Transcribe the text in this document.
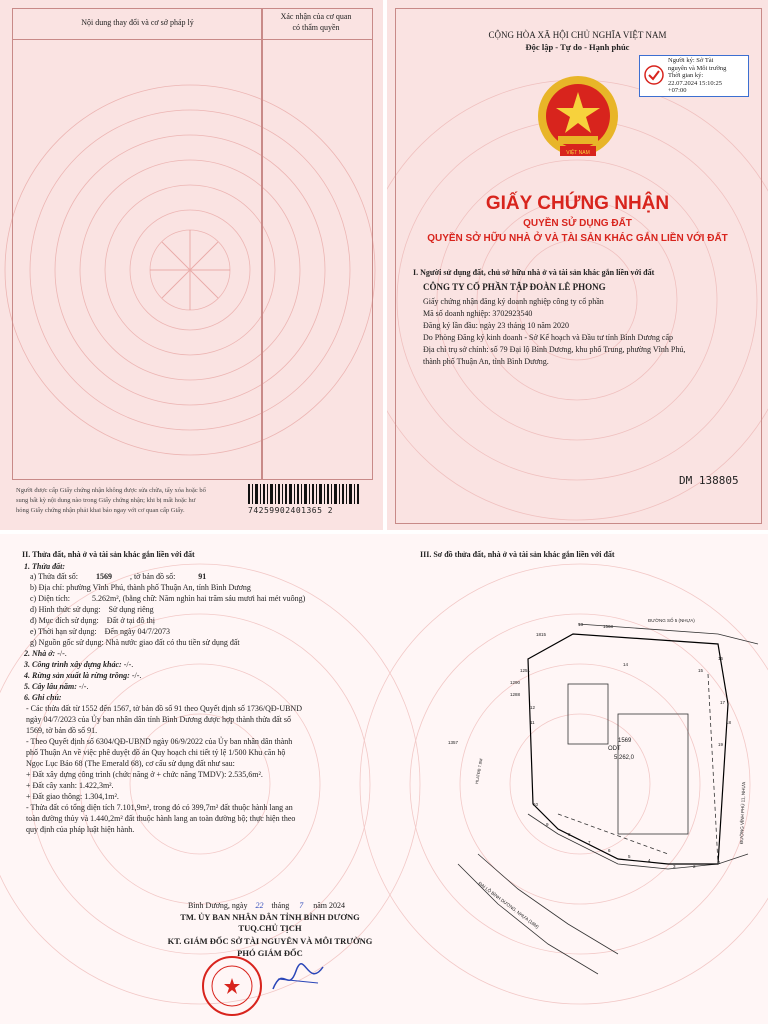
Nội dung thay đổi và cơ sở pháp lý
Xác nhận của cơ quan
có thẩm quyền
Người được cấp Giấy chứng nhận không được sửa chữa, tẩy xóa hoặc bổ
sung bất kỳ nội dung nào trong Giấy chứng nhận; khi bị mất hoặc hư
hỏng Giấy chứng nhận phải khai báo ngay với cơ quan cấp Giấy.	74259902401365 2
CỘNG HÒA XÃ HỘI CHỦ NGHĨA VIỆT NAM
Độc lập - Tự do - Hạnh phúc
Người ký: Sở Tài
nguyên và Môi trường
Thời gian ký:
22.07.2024 15:10:25
+07:00
VIỆT NAM
GIẤY CHỨNG NHẬN
QUYỀN SỬ DỤNG ĐẤT
QUYỀN SỞ HỮU NHÀ Ở VÀ TÀI SẢN KHÁC GẮN LIỀN VỚI ĐẤT
I. Người sử dụng đất, chủ sở hữu nhà ở và tài sản khác gắn liền với đất
CÔNG TY CỔ PHẦN TẬP ĐOÀN LÊ PHONG
Giấy chứng nhận đăng ký doanh nghiệp công ty cổ phần
Mã số doanh nghiệp: 3702923540
Đăng ký lần đầu: ngày 23 tháng 10 năm 2020
Do Phòng Đăng ký kinh doanh - Sở Kế hoạch và Đầu tư tỉnh Bình Dương cấp
Địa chỉ trụ sở chính: số 79 Đại lộ Bình Dương, khu phố Trung, phường Vĩnh Phú,
thành phố Thuận An, tỉnh Bình Dương.
DM 138805
II. Thửa đất, nhà ở và tài sản khác gắn liền với đất	III. Sơ đồ thửa đất, nhà ở và tài sản khác gắn liền với đất
1. Thửa đất:
a) Thửa đất số: 1569 , tờ bản đồ số:	91
b) Địa chỉ: phường Vĩnh Phú, thành phố Thuận An, tỉnh Bình Dương
c) Diện tích:	5.262m², (bằng chữ: Năm nghìn hai trăm sáu mươi hai mét vuông)
d) Hình thức sử dụng: Sử dụng riêng
đ) Mục đích sử dụng: Đất ở tại đô thị
e) Thời hạn sử dụng: Đến ngày 04/7/2073
g) Nguồn gốc sử dụng: Nhà nước giao đất có thu tiền sử dụng đất
2. Nhà ở: -/-.
3. Công trình xây dựng khác: -/-.
4. Rừng sản xuất là rừng trồng: -/-.
5. Cây lâu năm: -/-.
6. Ghi chú:
- Các thửa đất từ 1552 đến 1567, tờ bản đồ số 91 theo Quyết định số 1736/QĐ-UBND
ngày 04/7/2023 của Ủy ban nhân dân tỉnh Bình Dương được hợp thành thửa đất số
1569, tờ bản đồ số 91.
- Theo Quyết định số 6304/QĐ-UBND ngày 06/9/2022 của Ủy ban nhân dân thành
phố Thuận An về việc phê duyệt đồ án Quy hoạch chi tiết tỷ lệ 1/500 Khu căn hộ
Ngọc Lục Bảo 68 (The Emerald 68), cơ cấu sử dụng đất như sau:
+ Đất xây dựng công trình (chức năng ở + chức năng TMDV): 2.535,6m².
+ Đất cây xanh: 1.422,3m².
+ Đất giao thông: 1.304,1m².
- Thửa đất có tổng diện tích 7.101,9m², trong đó có 399,7m² đất thuộc hành lang an
toàn đường thủy và 1.440,2m² đất thuộc hành lang an toàn đường bộ; thực hiện theo
quy định của pháp luật hiện hành.
Bình Dương, ngày 22 tháng 7 năm 2024
TM. ỦY BAN NHÂN DÂN TỈNH BÌNH DƯƠNG
TUQ.CHỦ TỊCH
KT. GIÁM ĐỐC SỞ TÀI NGUYÊN VÀ MÔI TRƯỜNG
PHÓ GIÁM ĐỐC
ODT
1569
5.262,0
ĐƯỜNG SỐ 5 (NHỰA)
ĐƯỜNG VĨNH PHÚ 11, NHỰA
ĐẠI LỘ BÌNH DƯƠNG, NHỰA (18M)
HLATĐB 7.0M
1815
1251
1290
1288
1357
13
14
15
16
17
12
11
10
9
8
7
6
5
4
3	2
1
1568
18
19
